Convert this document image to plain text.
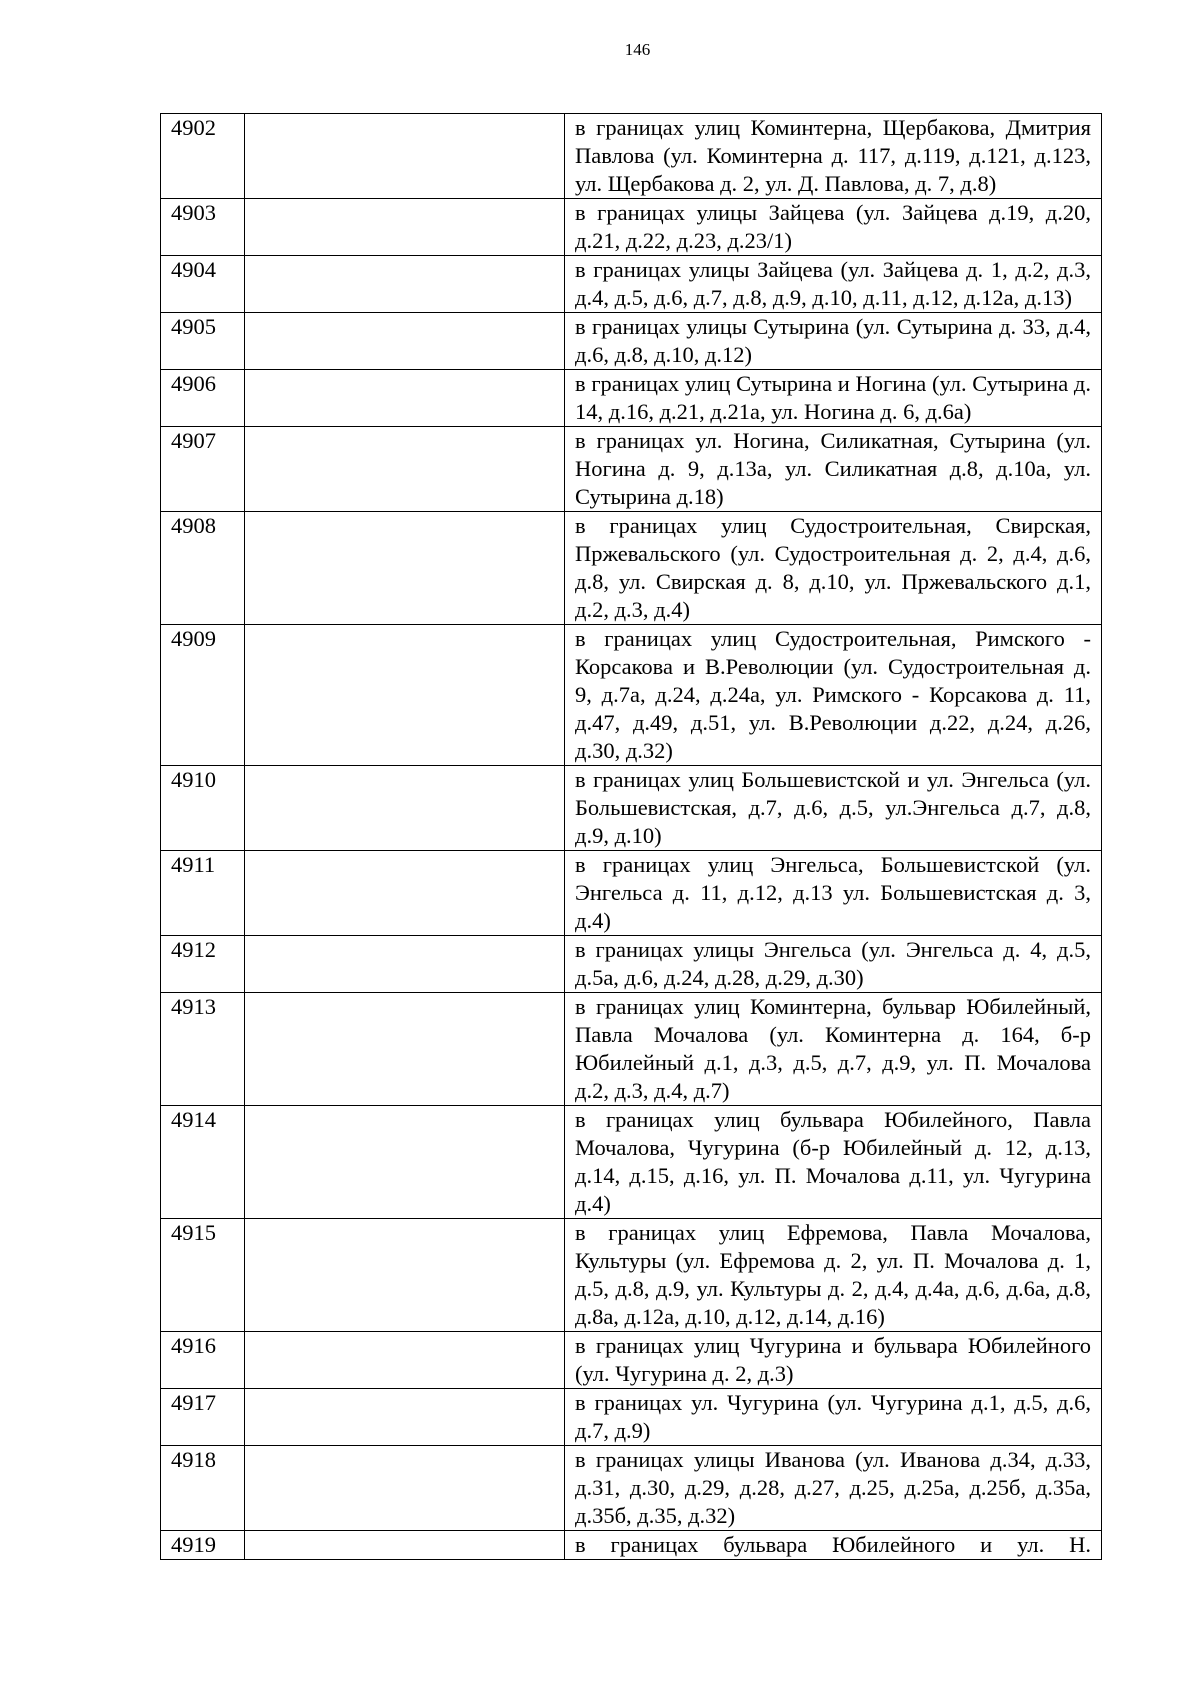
146
4902		в границах улиц Коминтерна, Щербакова, Дмитрия Павлова (ул. Коминтерна д. 117, д.119, д.121, д.123, ул. Щербакова д. 2, ул. Д. Павлова, д. 7, д.8)
4903		в границах улицы Зайцева (ул. Зайцева д.19, д.20, д.21, д.22, д.23, д.23/1)
4904		в границах улицы Зайцева (ул. Зайцева д. 1, д.2, д.3, д.4, д.5, д.6, д.7, д.8, д.9, д.10, д.11, д.12, д.12а, д.13)
4905		в границах улицы Сутырина (ул. Сутырина д. 33, д.4, д.6, д.8, д.10, д.12)
4906		в границах улиц Сутырина и Ногина (ул. Сутырина д. 14, д.16, д.21, д.21а, ул. Ногина д. 6, д.6а)
4907		в границах ул. Ногина, Силикатная, Сутырина (ул. Ногина д. 9, д.13а, ул. Силикатная д.8, д.10а, ул. Сутырина д.18)
4908		в границах улиц Судостроительная, Свирская, Пржевальского (ул. Судостроительная д. 2, д.4, д.6, д.8, ул. Свирская д. 8, д.10, ул. Пржевальского д.1, д.2, д.3, д.4)
4909		в границах улиц Судостроительная, Римского - Корсакова и В.Революции (ул. Судостроительная д. 9, д.7а, д.24, д.24а, ул. Римского - Корсакова д. 11, д.47, д.49, д.51, ул. В.Революции д.22, д.24, д.26, д.30, д.32)
4910		в границах улиц Большевистской и ул. Энгельса (ул. Большевистская, д.7, д.6, д.5, ул.Энгельса д.7, д.8, д.9, д.10)
4911		в границах улиц Энгельса, Большевистской (ул. Энгельса д. 11, д.12, д.13 ул. Большевистская д. 3, д.4)
4912		в границах улицы Энгельса (ул. Энгельса д. 4, д.5, д.5а, д.6, д.24, д.28, д.29, д.30)
4913		в границах улиц Коминтерна, бульвар Юбилейный, Павла Мочалова (ул. Коминтерна д. 164, б-р Юбилейный д.1, д.3, д.5, д.7, д.9, ул. П. Мочалова д.2, д.3, д.4, д.7)
4914		в границах улиц бульвара Юбилейного, Павла Мочалова, Чугурина (б-р Юбилейный д. 12, д.13, д.14, д.15, д.16, ул. П. Мочалова д.11, ул. Чугурина д.4)
4915		в границах улиц Ефремова, Павла Мочалова, Культуры (ул. Ефремова д. 2, ул. П. Мочалова д. 1, д.5, д.8, д.9, ул. Культуры д. 2, д.4, д.4а, д.6, д.6а, д.8, д.8а, д.12а, д.10, д.12, д.14, д.16)
4916		в границах улиц Чугурина и бульвара Юбилейного (ул. Чугурина д. 2, д.3)
4917		в границах ул. Чугурина (ул. Чугурина д.1, д.5, д.6, д.7, д.9)
4918		в границах улицы Иванова (ул. Иванова д.34, д.33, д.31, д.30, д.29, д.28, д.27, д.25, д.25а, д.25б, д.35а, д.35б, д.35, д.32)
4919		в границах бульвара Юбилейного и ул. Н.
